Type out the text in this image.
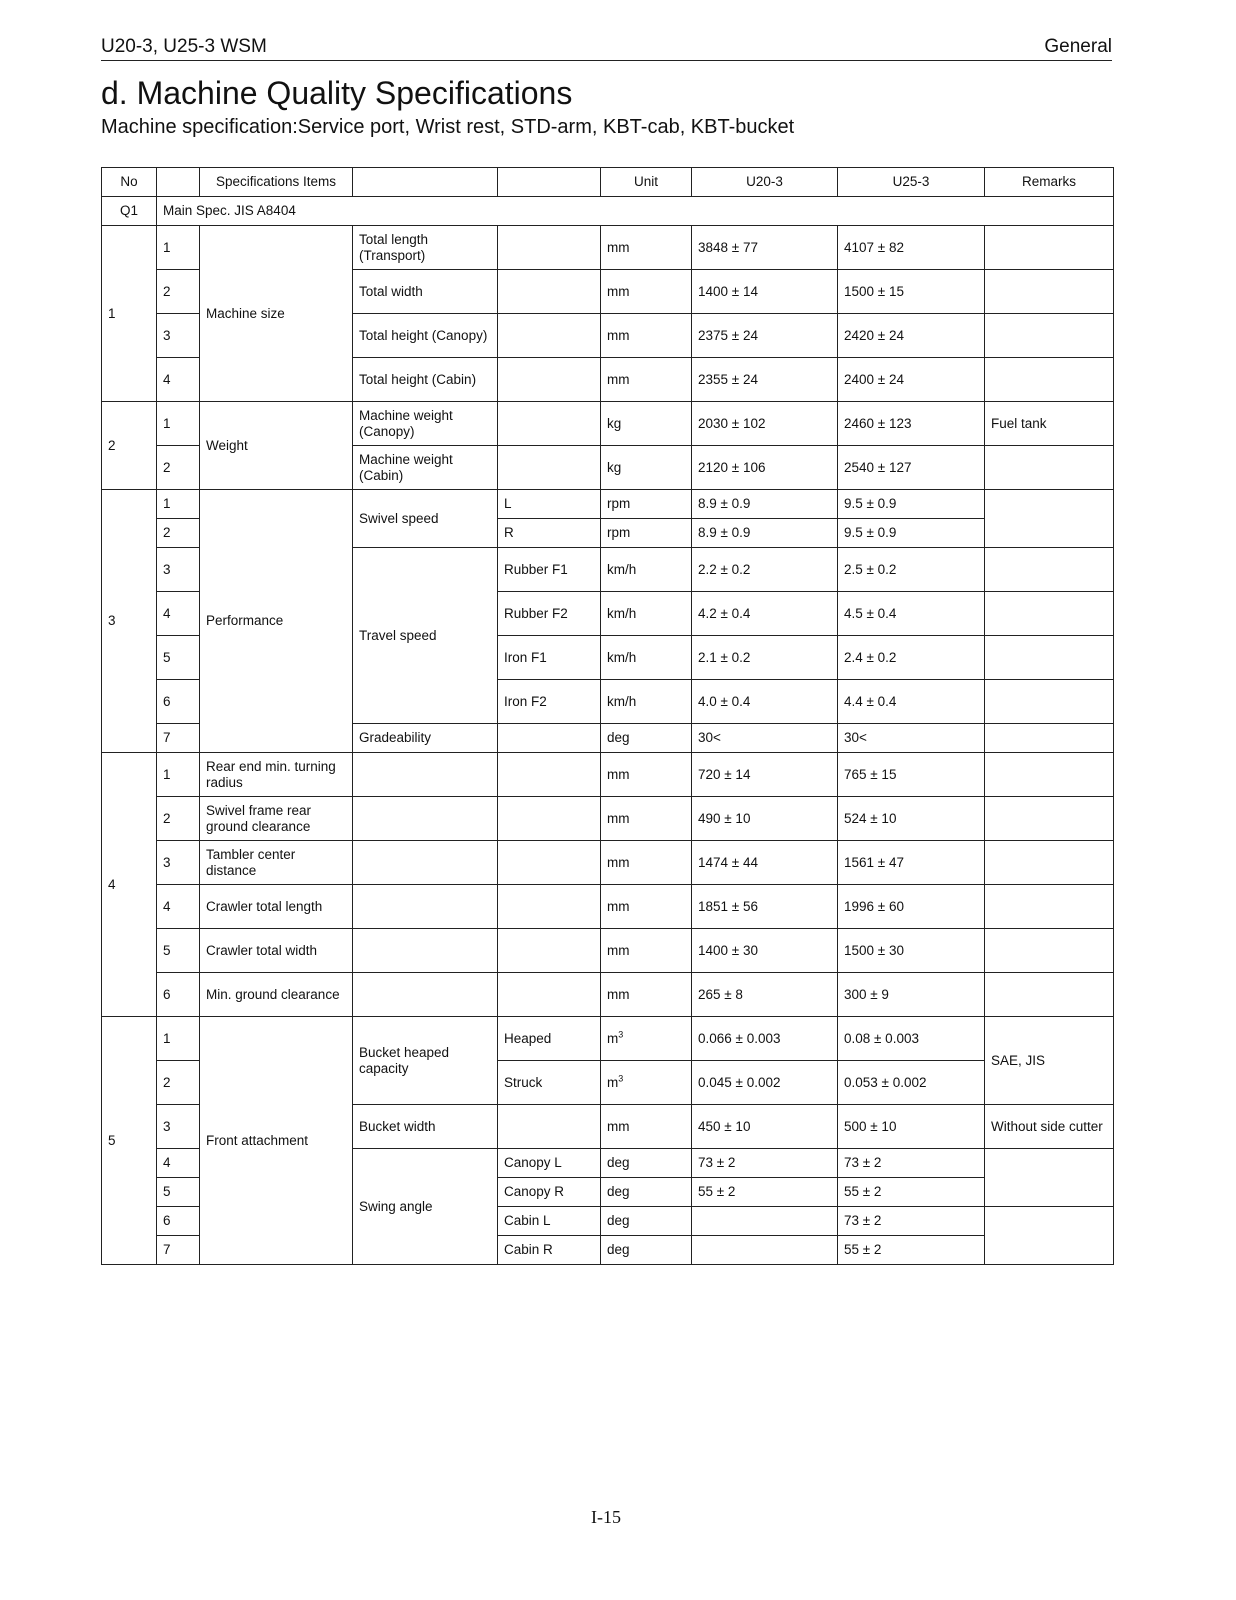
U20-3, U25-3 WSM	General
d. Machine Quality Specifications
Machine specification:Service port, Wrist rest, STD-arm, KBT-cab, KBT-bucket
No		Specifications Items			Unit	U20-3	U25-3	Remarks
Q1	Main Spec. JIS A8404							
1	1	Machine size	Total length (Transport)		mm	3848 ± 77	4107 ± 82	
	2		Total width		mm	1400 ± 14	1500 ± 15	
	3		Total height (Canopy)		mm	2375 ± 24	2420 ± 24	
	4		Total height (Cabin)		mm	2355 ± 24	2400 ± 24	
2	1	Weight	Machine weight (Canopy)		kg	2030 ± 102	2460 ± 123	Fuel tank
	2		Machine weight (Cabin)		kg	2120 ± 106	2540 ± 127	
3	1	Performance	Swivel speed	L	rpm	8.9 ± 0.9	9.5 ± 0.9	
	2			R	rpm	8.9 ± 0.9	9.5 ± 0.9	
	3		Travel speed	Rubber F1	km/h	2.2 ± 0.2	2.5 ± 0.2	
	4			Rubber F2	km/h	4.2 ± 0.4	4.5 ± 0.4	
	5			Iron F1	km/h	2.1 ± 0.2	2.4 ± 0.2	
	6			Iron F2	km/h	4.0 ± 0.4	4.4 ± 0.4	
	7		Gradeability		deg	30<	30<	
4	1	Rear end min. turning radius			mm	720 ± 14	765 ± 15	
	2	Swivel frame rear ground clearance			mm	490 ± 10	524 ± 10	
	3	Tambler center distance			mm	1474 ± 44	1561 ± 47	
	4	Crawler total length			mm	1851 ± 56	1996 ± 60	
	5	Crawler total width			mm	1400 ± 30	1500 ± 30	
	6	Min. ground clearance			mm	265 ± 8	300 ± 9	
5	1	Front attachment	Bucket heaped capacity	Heaped	$m^3$	0.066 ± 0.003	0.08 ± 0.003	SAE, JIS
	2			Struck	$m^3$	0.045 ± 0.002	0.053 ± 0.002	
	3		Bucket width		mm	450 ± 10	500 ± 10	Without side cutter
	4		Swing angle	Canopy L	deg	73 ± 2	73 ± 2	
	5			Canopy R	deg	55 ± 2	55 ± 2	
	6			Cabin L	deg		73 ± 2	
	7			Cabin R	deg		55 ± 2	
I-15
